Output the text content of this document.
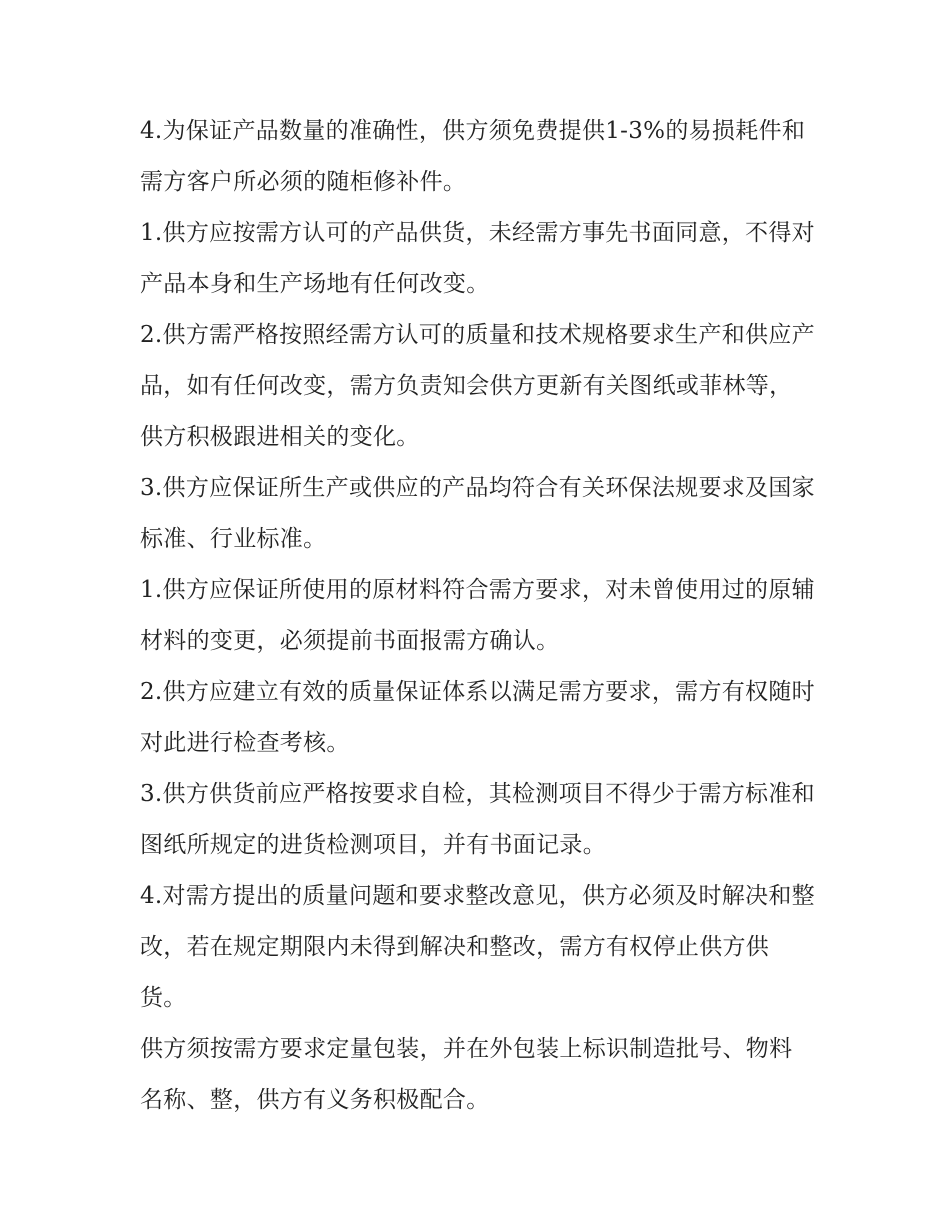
4.为保证产品数量的准确性，供方须免费提供1-3%的易损耗件和需方客户所必须的随柜修补件。

1.供方应按需方认可的产品供货，未经需方事先书面同意，不得对产品本身和生产场地有任何改变。

2.供方需严格按照经需方认可的质量和技术规格要求生产和供应产品，如有任何改变，需方负责知会供方更新有关图纸或菲林等，供方积极跟进相关的变化。

3.供方应保证所生产或供应的产品均符合有关环保法规要求及国家标准、行业标准。

1.供方应保证所使用的原材料符合需方要求，对未曾使用过的原辅材料的变更，必须提前书面报需方确认。

2.供方应建立有效的质量保证体系以满足需方要求，需方有权随时对此进行检查考核。

3.供方供货前应严格按要求自检，其检测项目不得少于需方标准和图纸所规定的进货检测项目，并有书面记录。

4.对需方提出的质量问题和要求整改意见，供方必须及时解决和整改，若在规定期限内未得到解决和整改，需方有权停止供方供货。

供方须按需方要求定量包装，并在外包装上标识制造批号、物料名称、整，供方有义务积极配合。
